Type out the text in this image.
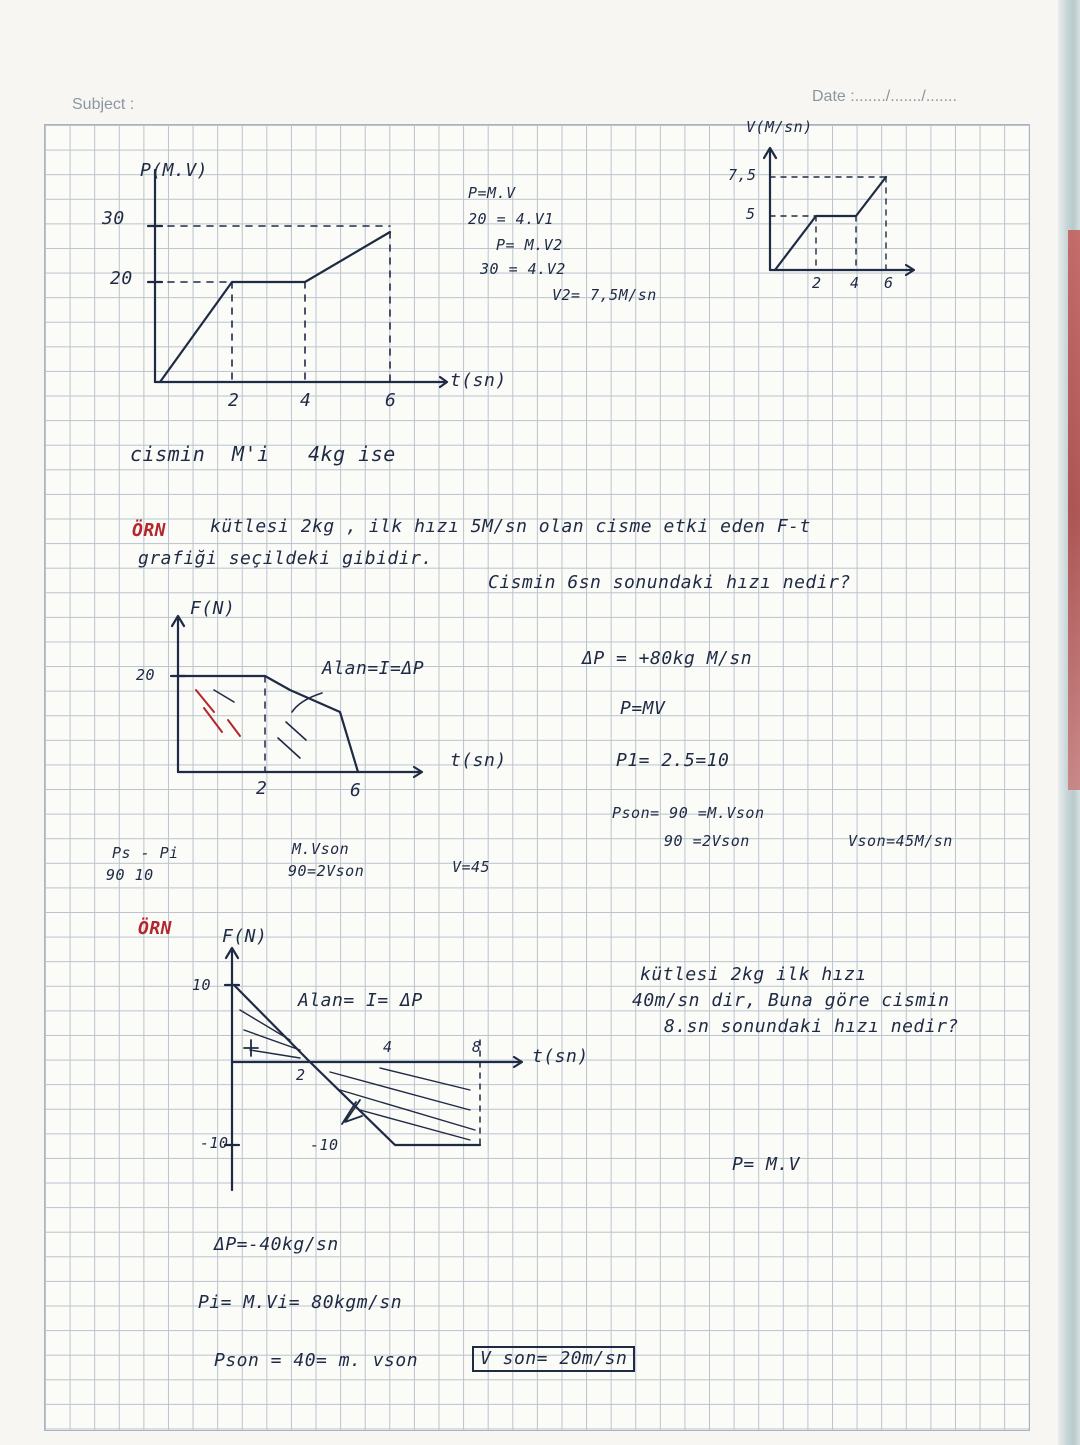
Subject :	Date :......./......./.......
P(M.V)
30
20
2	4	6
t(sn)
P=M.V
20 = 4.V1
P= M.V2
30 = 4.V2
V2= 7,5M/sn
V(M/sn)
7,5
5
2 4 6
cismin M'i 4kg ise
ÖRN kütlesi 2kg , ilk hızı 5M/sn olan cisme etki eden F-t
grafiği seçildeki gibidir.
Cismin 6sn sonundaki hızı nedir?
F(N)
20
2	6
t(sn)
Alan=I=ΔP	ΔP = +80kg M/sn
P=MV
P1= 2.5=10
Pson= 90 =M.Vson
90 =2Vson	Vson=45M/sn
Ps - Pi
90 10
M.Vson
90=2Vson	V=45
ÖRN
kütlesi 2kg ilk hızı
40m/sn dir, Buna göre cismin
8.sn sonundaki hızı nedir?
P= M.V
F(N)
10
-10
2
4	8	t(sn)
-10
Alan= I= ΔP
ΔP=-40kg/sn
Pi= M.Vi= 80kgm/sn
Pson = 40= m. vson	V son= 20m/sn
